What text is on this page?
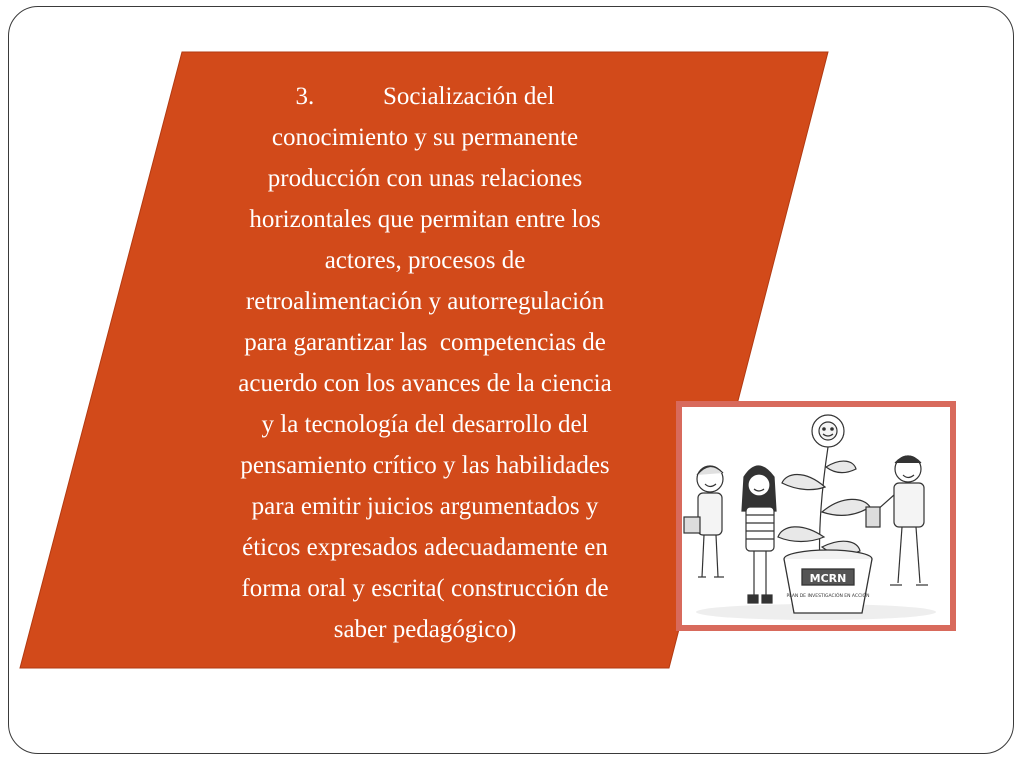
3.           Socialización del
conocimiento y su permanente
producción con unas relaciones
horizontales que permitan entre los
actores, procesos de
retroalimentación y autorregulación
para garantizar las  competencias de
acuerdo con los avances de la ciencia
y la tecnología del desarrollo del
pensamiento crítico y las habilidades
para emitir juicios argumentados y
éticos expresados adecuadamente en
forma oral y escrita( construcción de
saber pedagógico)
MCRN
PLAN DE INVESTIGACIÓN EN ACCIÓN
